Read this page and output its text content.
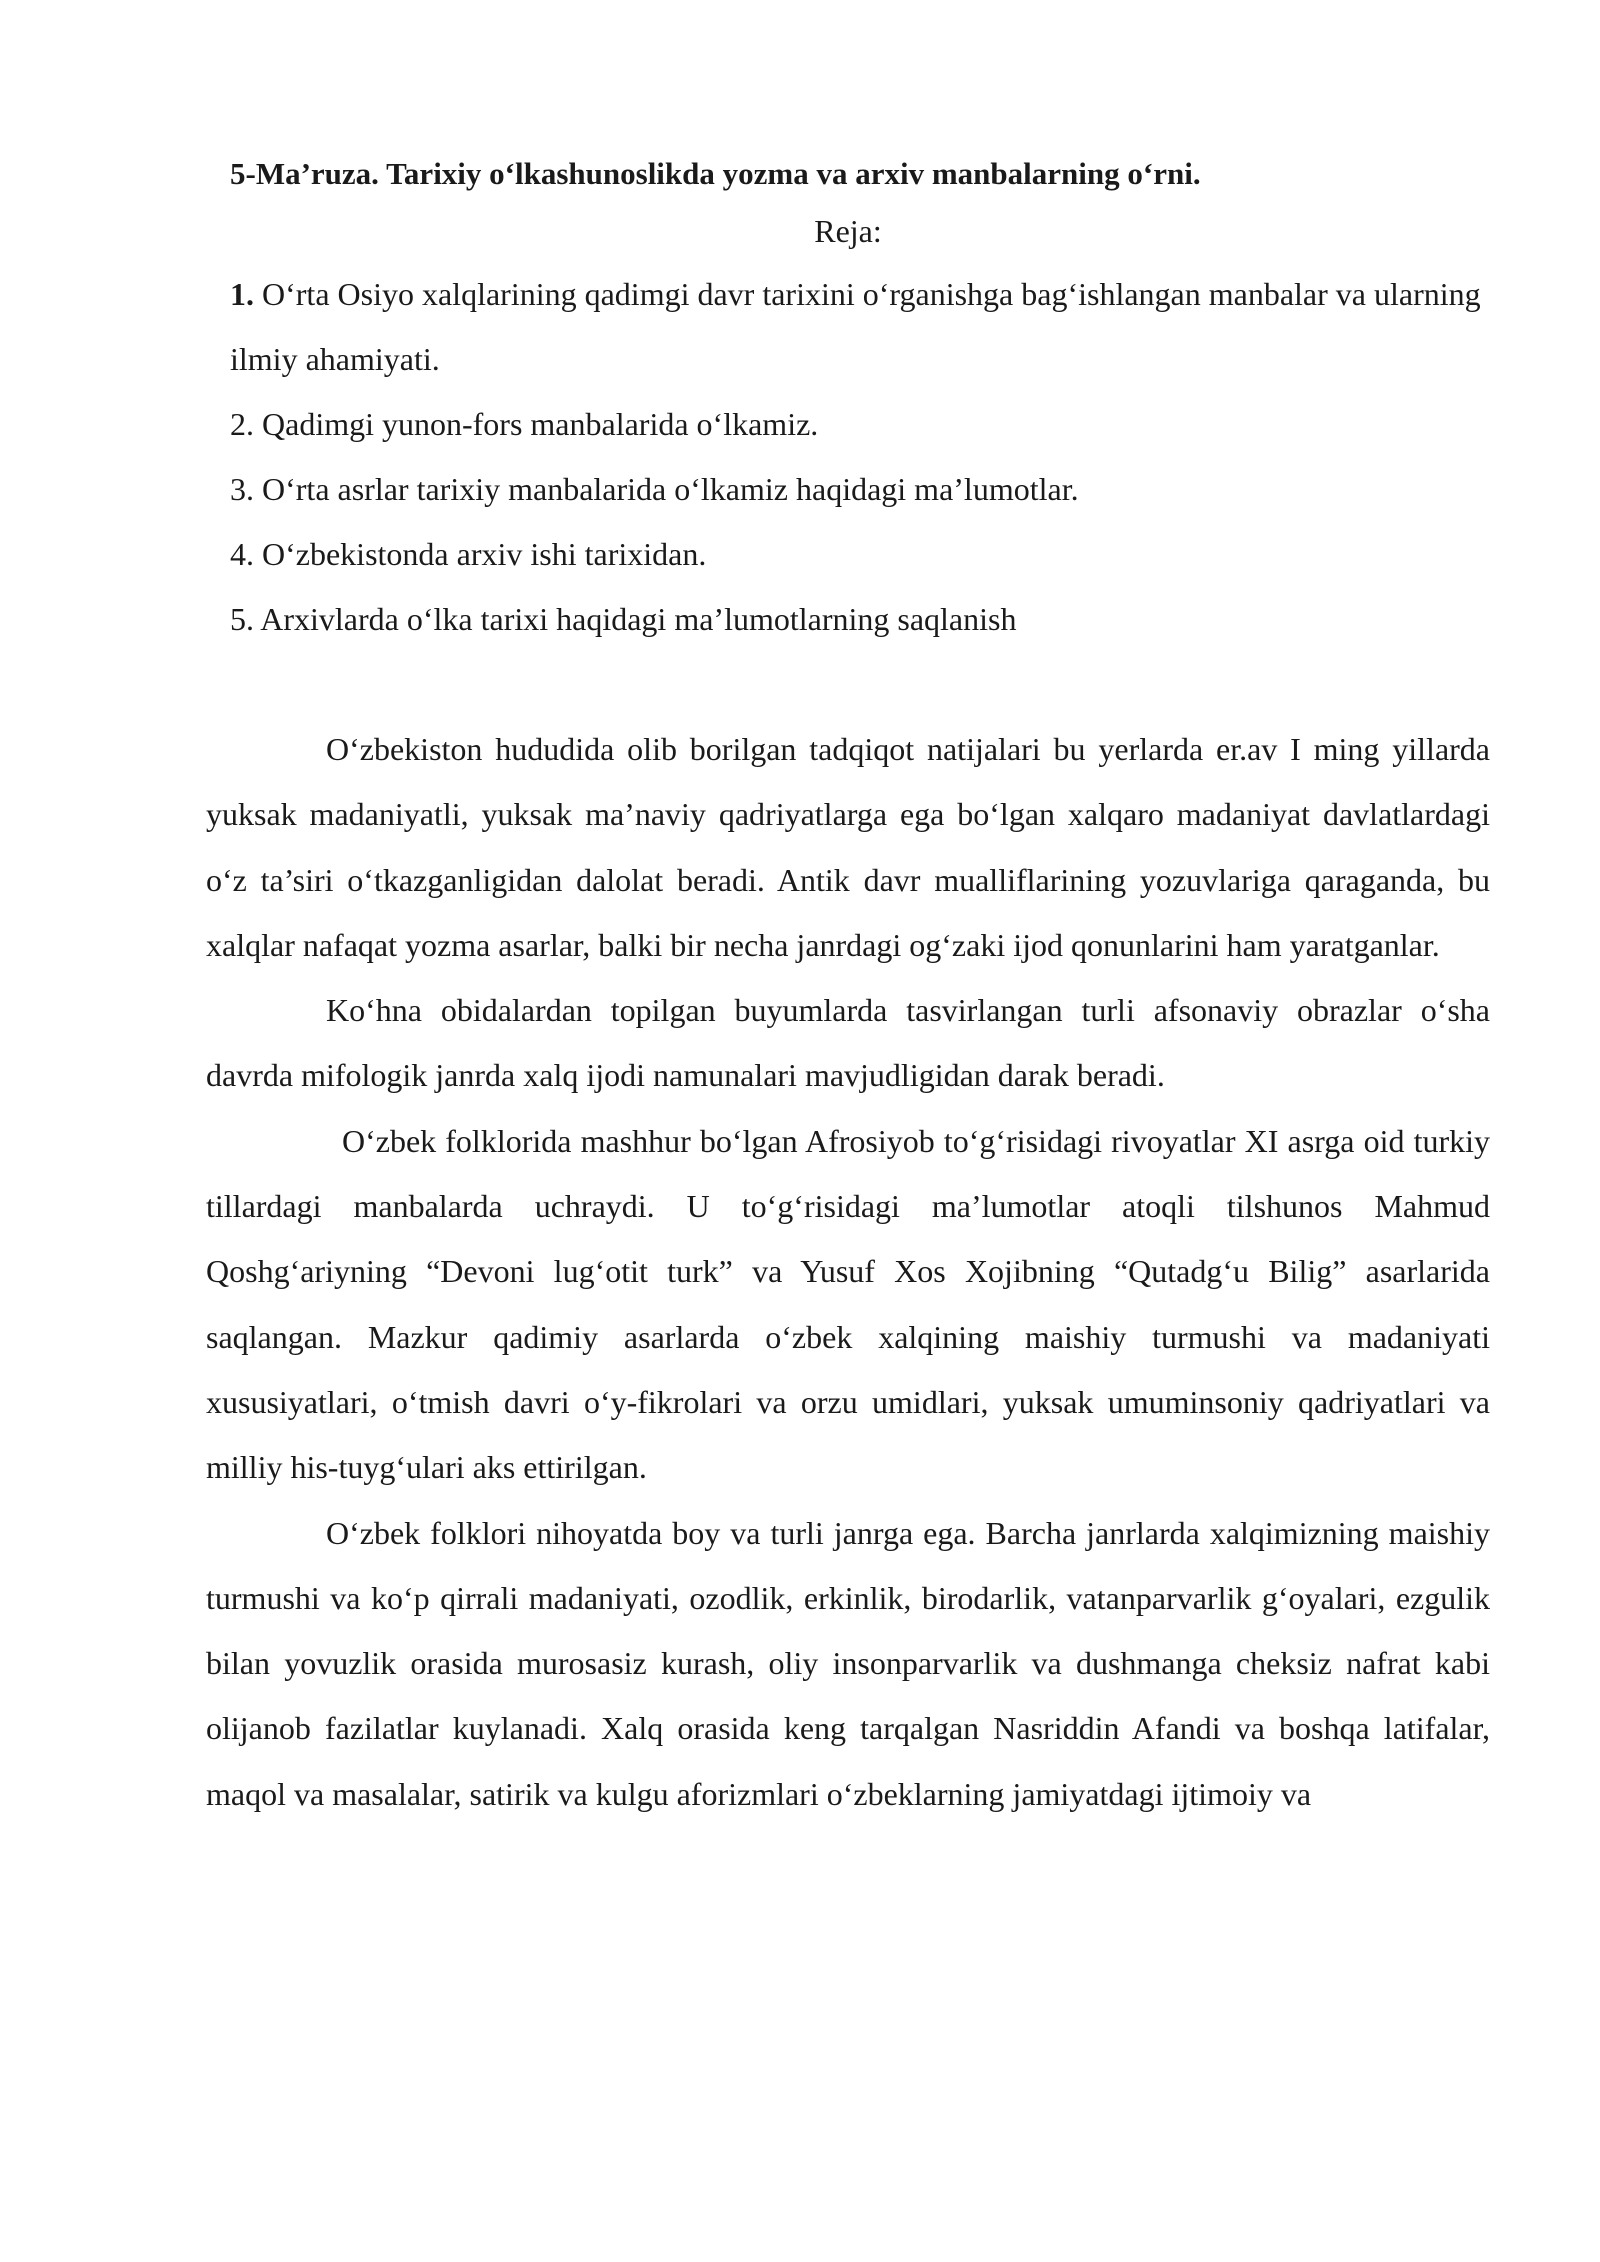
5-Ma’ruza. Tarixiy o‘lkashunoslikda yozma va arxiv manbalarning o‘rni.

Reja:

1. O‘rta Osiyo xalqlarining qadimgi davr tarixini o‘rganishga bag‘ishlangan manbalar va ularning ilmiy ahamiyati.
2. Qadimgi yunon-fors manbalarida o‘lkamiz.
3. O‘rta asrlar tarixiy manbalarida o‘lkamiz haqidagi ma’lumotlar.
4. O‘zbekistonda arxiv ishi tarixidan.
5. Arxivlarda o‘lka tarixi haqidagi ma’lumotlarning saqlanish

O‘zbekiston hududida olib borilgan tadqiqot natijalari bu yerlarda er.av I ming yillarda yuksak madaniyatli, yuksak ma’naviy qadriyatlarga ega bo‘lgan xalqaro madaniyat davlatlardagi o‘z ta’siri o‘tkazganligidan dalolat beradi. Antik davr mualliflarining yozuvlariga qaraganda, bu xalqlar nafaqat yozma asarlar, balki bir necha janrdagi og‘zaki ijod qonunlarini ham yaratganlar.

Ko‘hna obidalardan topilgan buyumlarda tasvirlangan turli afsonaviy obrazlar o‘sha davrda mifologik janrda xalq ijodi namunalari mavjudligidan darak beradi.

O‘zbek folklorida mashhur bo‘lgan Afrosiyob to‘g‘risidagi rivoyatlar XI asrga oid turkiy tillardagi manbalarda uchraydi. U to‘g‘risidagi ma’lumotlar atoqli tilshunos Mahmud Qoshg‘ariyning “Devoni lug‘otit turk” va Yusuf Xos Xojibning “Qutadg‘u Bilig” asarlarida saqlangan. Mazkur qadimiy asarlarda o‘zbek xalqining maishiy turmushi va madaniyati xususiyatlari, o‘tmish davri o‘y-fikrolari va orzu umidlari, yuksak umuminsoniy qadriyatlari va milliy his-tuyg‘ulari aks ettirilgan.

O‘zbek folklori nihoyatda boy va turli janrga ega. Barcha janrlarda xalqimizning maishiy turmushi va ko‘p qirrali madaniyati, ozodlik, erkinlik, birodarlik, vatanparvarlik g‘oyalari, ezgulik bilan yovuzlik orasida murosasiz kurash, oliy insonparvarlik va dushmanga cheksiz nafrat kabi olijanob fazilatlar kuylanadi. Xalq orasida keng tarqalgan Nasriddin Afandi va boshqa latifalar, maqol va masalalar, satirik va kulgu aforizmlari o‘zbeklarning jamiyatdagi ijtimoiy va
